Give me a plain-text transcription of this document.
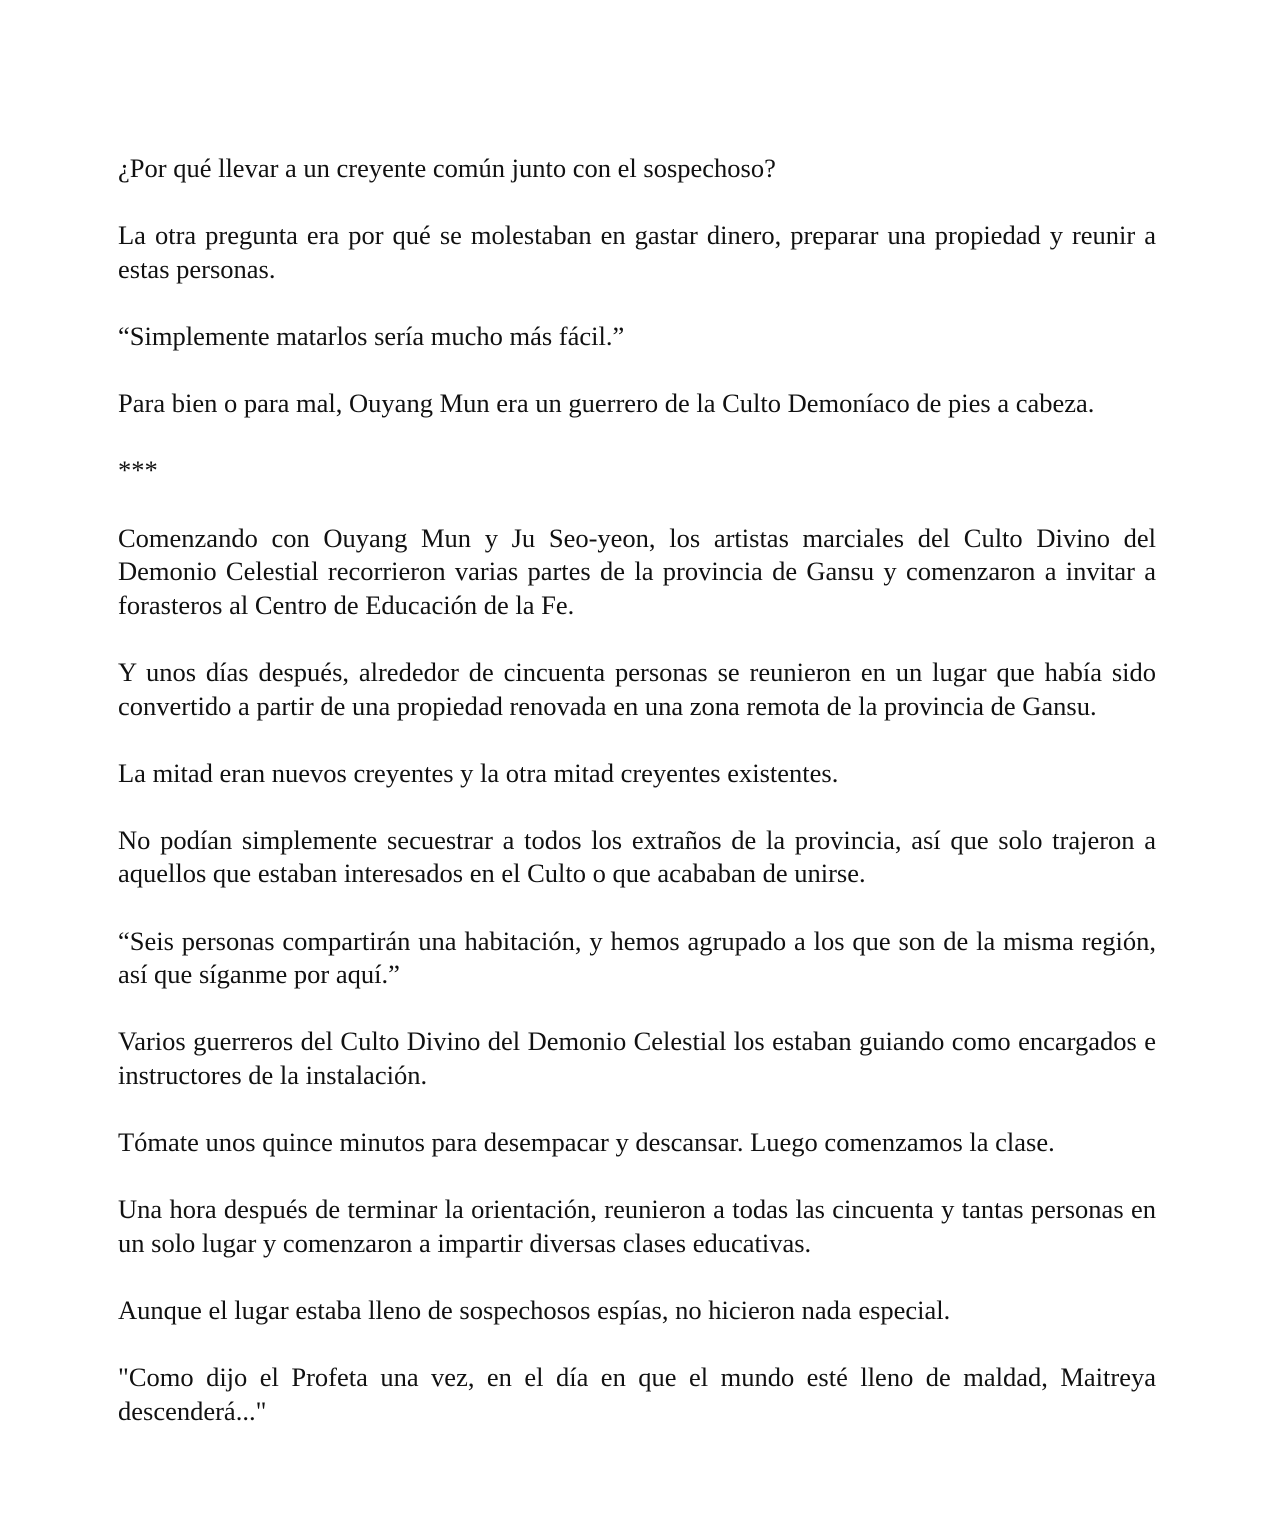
¿Por qué llevar a un creyente común junto con el sospechoso?

La otra pregunta era por qué se molestaban en gastar dinero, preparar una propiedad y reunir a estas personas.

“Simplemente matarlos sería mucho más fácil.”

Para bien o para mal, Ouyang Mun era un guerrero de la Culto Demoníaco de pies a cabeza.

***

Comenzando con Ouyang Mun y Ju Seo-yeon, los artistas marciales del Culto Divino del Demonio Celestial recorrieron varias partes de la provincia de Gansu y comenzaron a invitar a forasteros al Centro de Educación de la Fe.

Y unos días después, alrededor de cincuenta personas se reunieron en un lugar que había sido convertido a partir de una propiedad renovada en una zona remota de la provincia de Gansu.

La mitad eran nuevos creyentes y la otra mitad creyentes existentes.

No podían simplemente secuestrar a todos los extraños de la provincia, así que solo trajeron a aquellos que estaban interesados en el Culto o que acababan de unirse.

“Seis personas compartirán una habitación, y hemos agrupado a los que son de la misma región, así que síganme por aquí.”

Varios guerreros del Culto Divino del Demonio Celestial los estaban guiando como encargados e instructores de la instalación.

Tómate unos quince minutos para desempacar y descansar. Luego comenzamos la clase.

Una hora después de terminar la orientación, reunieron a todas las cincuenta y tantas personas en un solo lugar y comenzaron a impartir diversas clases educativas.

Aunque el lugar estaba lleno de sospechosos espías, no hicieron nada especial.

"Como dijo el Profeta una vez, en el día en que el mundo esté lleno de maldad, Maitreya descenderá..."
